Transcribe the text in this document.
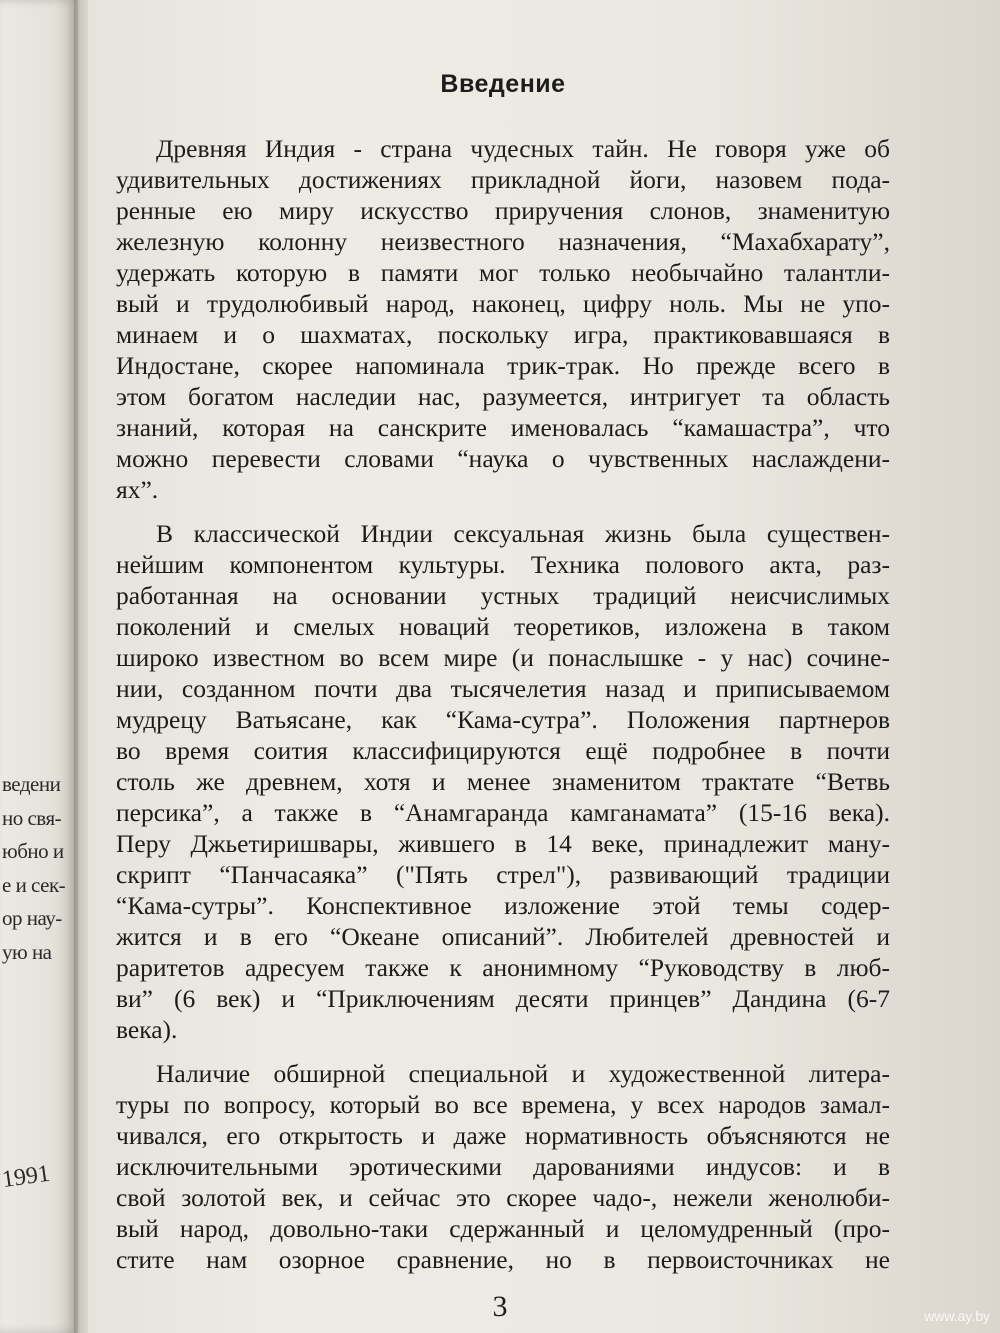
ведени
но свя-
юбно и
е и сек-
ор нау-
ую на
1991
Введение
Древняя Индия - страна чудесных тайн. Не говоря уже об
удивительных достижениях прикладной йоги, назовем пода-
ренные ею миру искусство приручения слонов, знаменитую
железную колонну неизвестного назначения, “Махабхарату”,
удержать которую в памяти мог только необычайно талантли-
вый и трудолюбивый народ, наконец, цифру ноль. Мы не упо-
минаем и о шахматах, поскольку игра, практиковавшаяся в
Индостане, скорее напоминала трик-трак. Но прежде всего в
этом богатом наследии нас, разумеется, интригует та область
знаний, которая на санскрите именовалась “камашастра”, что
можно перевести словами “наука о чувственных наслаждени-
ях”.
В классической Индии сексуальная жизнь была существен-
нейшим компонентом культуры. Техника полового акта, раз-
работанная на основании устных традиций неисчислимых
поколений и смелых новаций теоретиков, изложена в таком
широко известном во всем мире (и понаслышке - у нас) сочине-
нии, созданном почти два тысячелетия назад и приписываемом
мудрецу Ватьясане, как “Кама-сутра”. Положения партнеров
во время соития классифицируются ещё подробнее в почти
столь же древнем, хотя и менее знаменитом трактате “Ветвь
персика”, а также в “Анамгаранда камганамата” (15-16 века).
Перу Джьетиришвары, жившего в 14 веке, принадлежит ману-
скрипт “Панчасаяка” ("Пять стрел"), развивающий традиции
“Кама-сутры”. Конспективное изложение этой темы содер-
жится и в его “Океане описаний”. Любителей древностей и
раритетов адресуем также к анонимному “Руководству в люб-
ви” (6 век) и “Приключениям десяти принцев” Дандина (6-7
века).
Наличие обширной специальной и художественной литера-
туры по вопросу, который во все времена, у всех народов замал-
чивался, его открытость и даже нормативность объясняются не
исключительными эротическими дарованиями индусов: и в
свой золотой век, и сейчас это скорее чадо-, нежели женолюби-
вый народ, довольно-таки сдержанный и целомудренный (про-
стите нам озорное сравнение, но в первоисточниках не
3	www.ay.by
